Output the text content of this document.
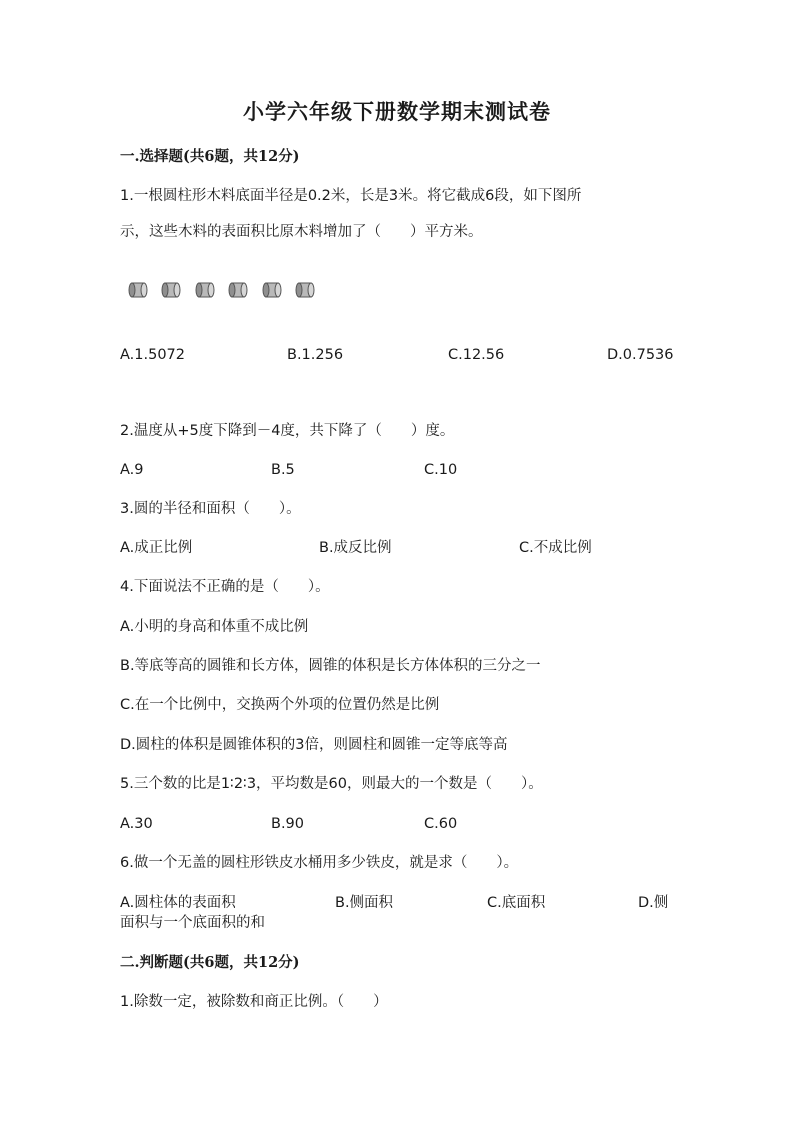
小学六年级下册数学期末测试卷
一.选择题(共6题，共12分)
1.一根圆柱形木料底面半径是0.2米，长是3米。将它截成6段，如下图所
示，这些木料的表面积比原木料增加了（　　）平方米。
A.1.5072	B.1.256	C.12.56	D.0.7536
2.温度从+5度下降到－4度，共下降了（　　）度。
A.9	B.5	C.10
3.圆的半径和面积（　　）。
A.成正比例	B.成反比例	C.不成比例
4.下面说法不正确的是（　　）。
A.小明的身高和体重不成比例
B.等底等高的圆锥和长方体，圆锥的体积是长方体体积的三分之一
C.在一个比例中，交换两个外项的位置仍然是比例
D.圆柱的体积是圆锥体积的3倍，则圆柱和圆锥一定等底等高
5.三个数的比是1∶2∶3，平均数是60，则最大的一个数是（　　）。
A.30	B.90	C.60
6.做一个无盖的圆柱形铁皮水桶用多少铁皮，就是求（　　）。
A.圆柱体的表面积	B.侧面积	C.底面积	D.侧
面积与一个底面积的和
二.判断题(共6题，共12分)
1.除数一定，被除数和商正比例。（　　）
